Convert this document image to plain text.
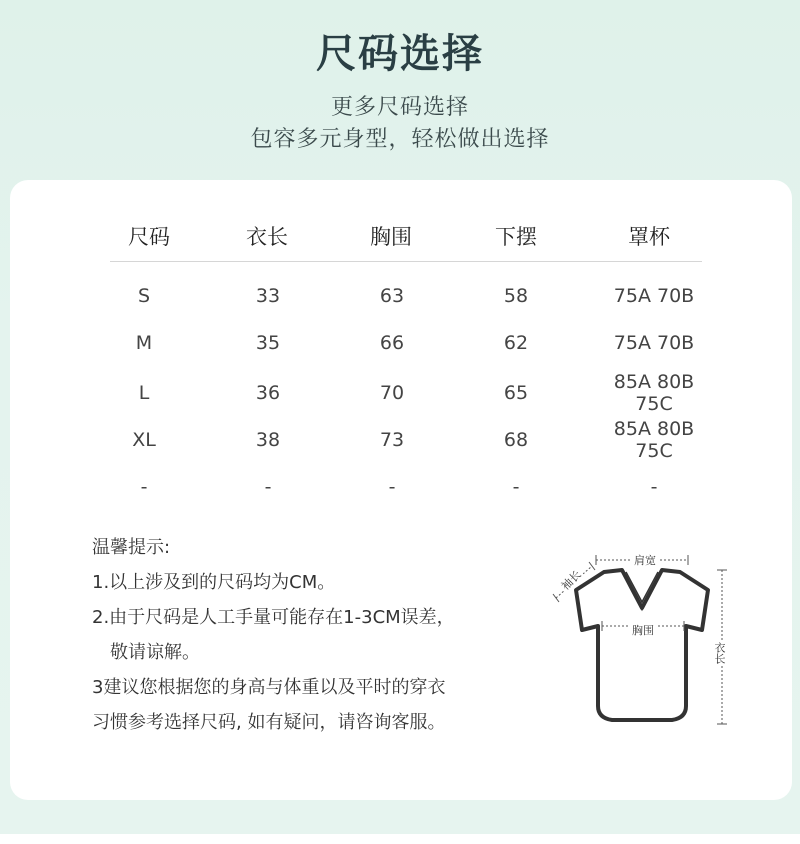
尺码选择
更多尺码选择
包容多元身型，轻松做出选择
尺码	衣长	胸围	下摆	罩杯
S	33	63	58	75A 70B
M	35	66	62	75A 70B
L	36	70	65	85A 80B 75C
XL	38	73	68	85A 80B 75C
-	-	-	-	-
温馨提示:
1.以上涉及到的尺码均为CM。
2.由于尺码是人工手量可能存在1-3CM误差，
敬请谅解。
3建议您根据您的身高与体重以及平时的穿衣
习惯参考选择尺码, 如有疑问，请咨询客服。
肩宽
袖长
胸围
衣长
